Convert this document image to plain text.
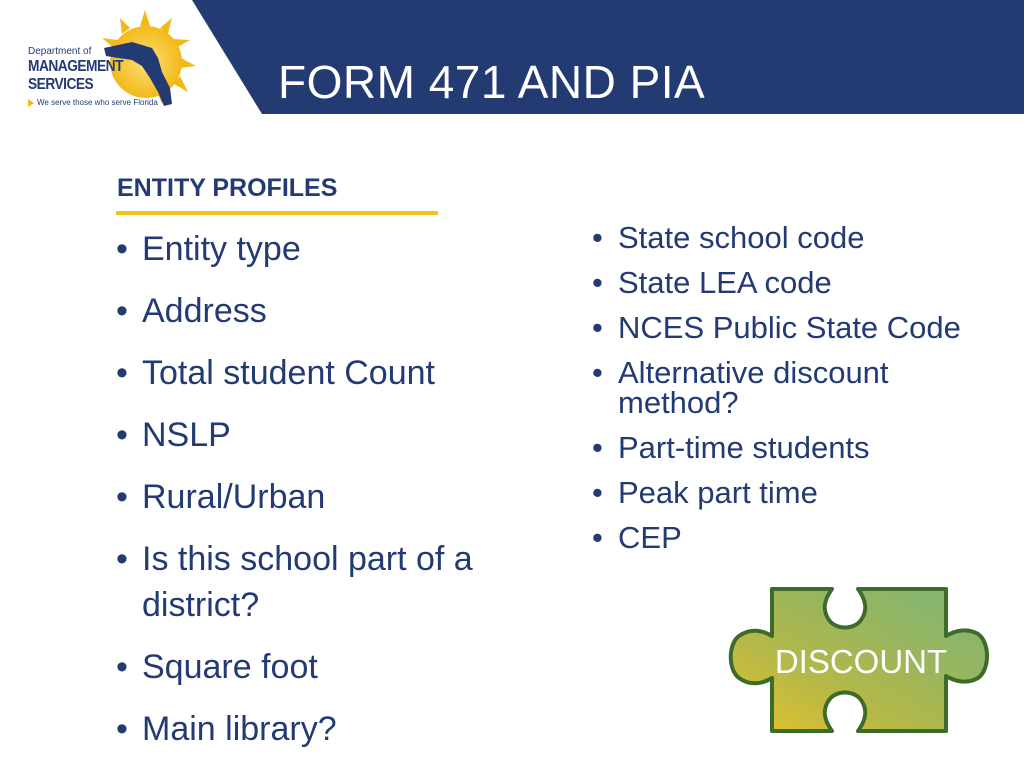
FORM 471 AND PIA
Department of
MANAGEMENT
SERVICES
We serve those who serve Florida
ENTITY PROFILES
• Entity type
• Address
• Total student Count
• NSLP
• Rural/Urban
• Is this school part of a district?
• Square foot
• Main library?
• State school code
• State LEA code
• NCES Public State Code
• Alternative discount method?
• Part-time students
• Peak part time
• CEP
DISCOUNT
